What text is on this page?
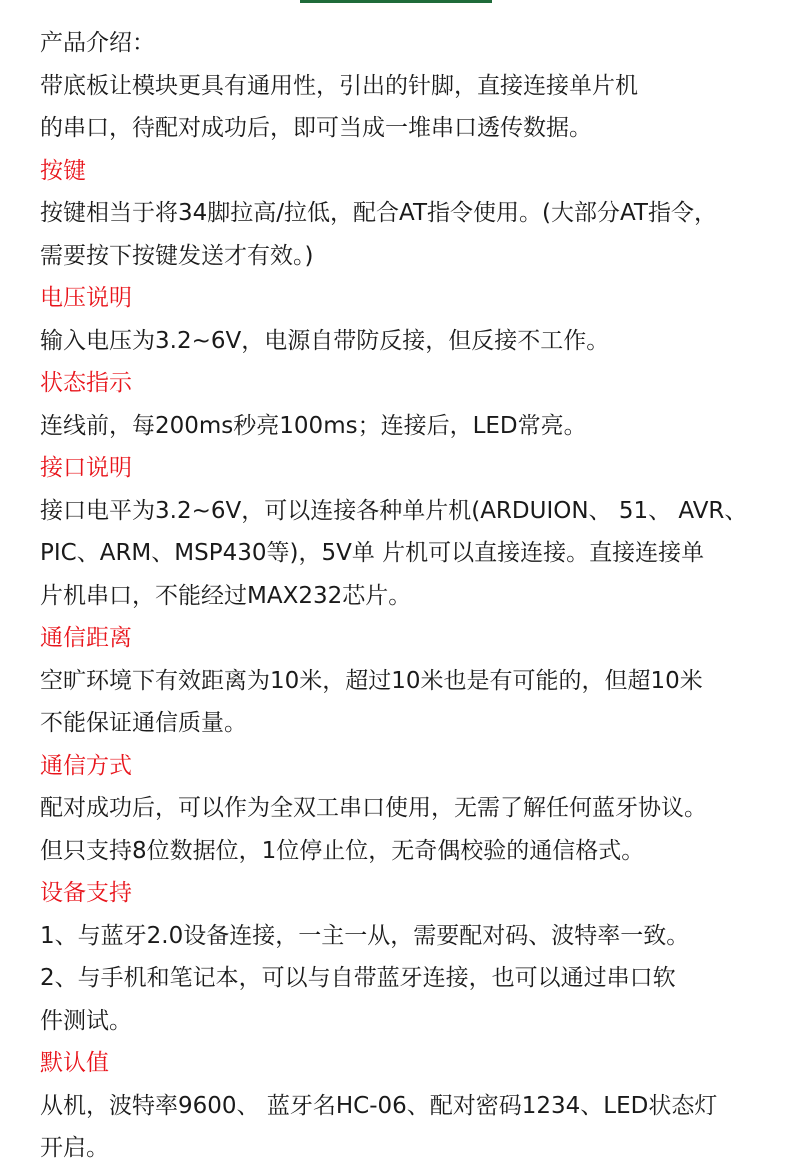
产品介绍：
带底板让模块更具有通用性，引出的针脚，直接连接单片机
的串口，待配对成功后，即可当成一堆串口透传数据。
按键
按键相当于将34脚拉高/拉低，配合AT指令使用。(大部分AT指令，
需要按下按键发送才有效。)
电压说明
输入电压为3.2~6V，电源自带防反接，但反接不工作。
状态指示
连线前，每200ms秒亮100ms；连接后，LED常亮。
接口说明
接口电平为3.2~6V，可以连接各种单片机(ARDUION、 51、 AVR、
PIC、ARM、MSP430等)，5V单 片机可以直接连接。直接连接单
片机串口，不能经过MAX232芯片。
通信距离
空旷环境下有效距离为10米，超过10米也是有可能的，但超10米
不能保证通信质量。
通信方式
配对成功后，可以作为全双工串口使用，无需了解任何蓝牙协议。
但只支持8位数据位，1位停止位，无奇偶校验的通信格式。
设备支持
1、与蓝牙2.0设备连接，一主一从，需要配对码、波特率一致。
2、与手机和笔记本，可以与自带蓝牙连接，也可以通过串口软
件测试。
默认值
从机，波特率9600、 蓝牙名HC-06、配对密码1234、LED状态灯
开启。
